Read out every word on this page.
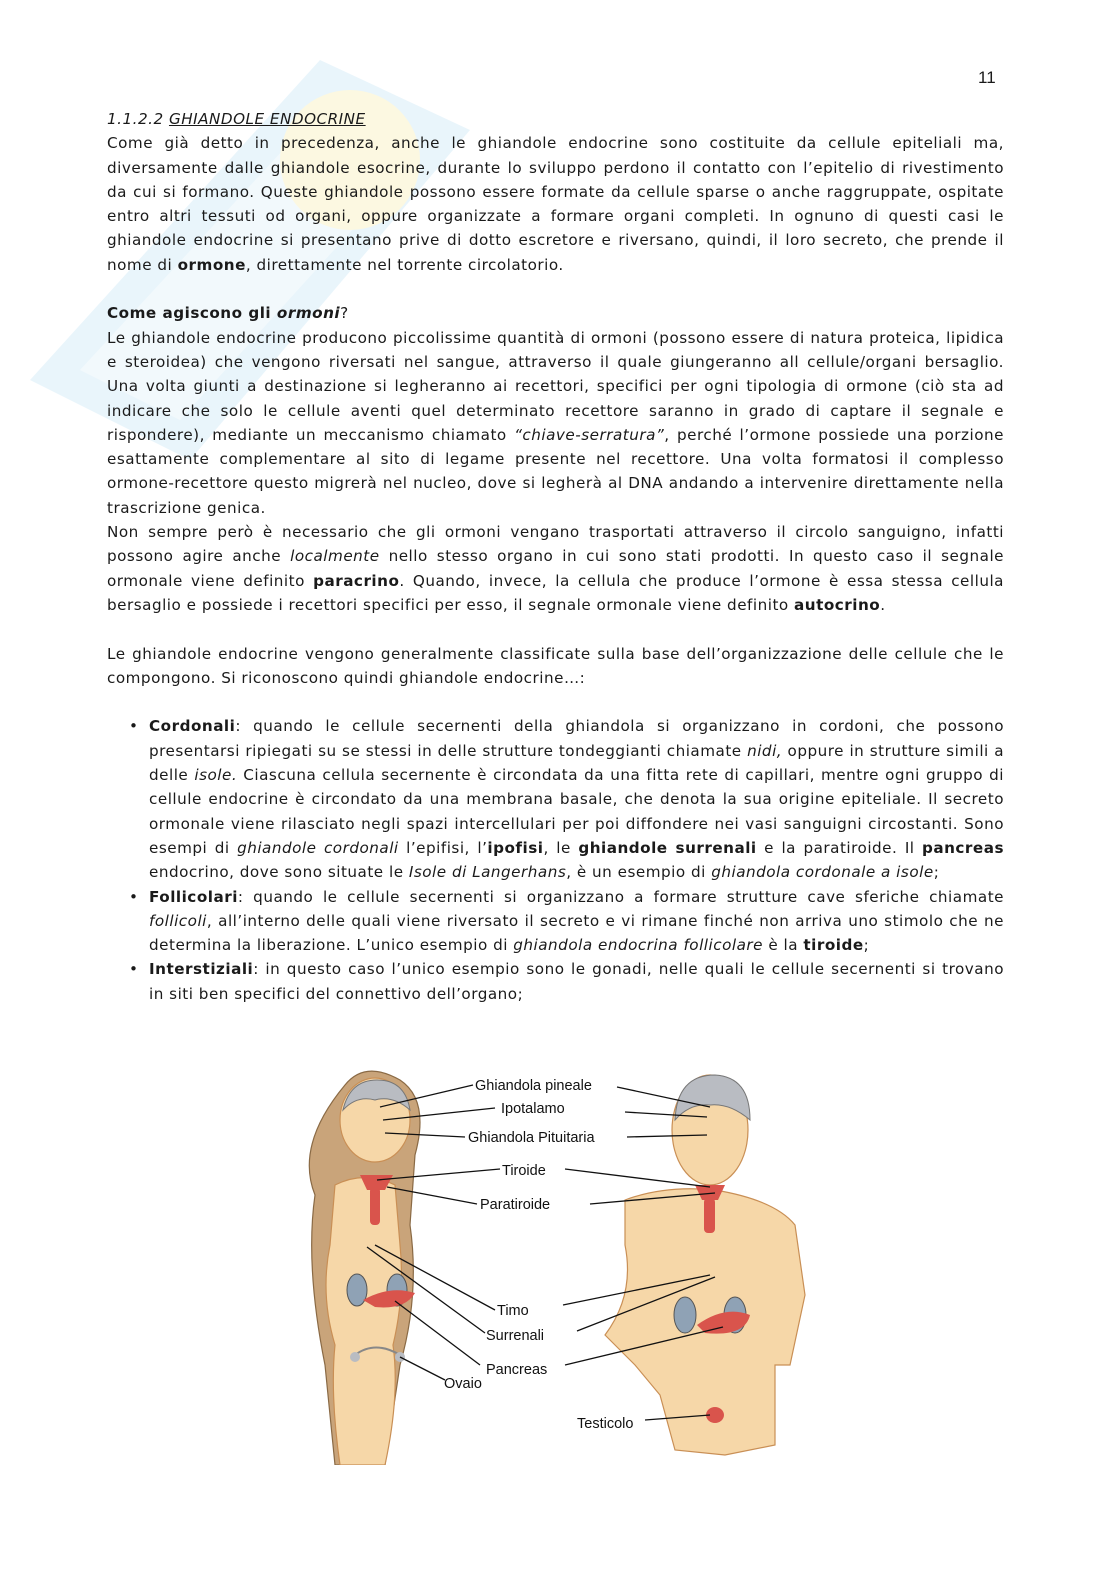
11

1.1.2.2 GHIANDOLE ENDOCRINE

Come già detto in precedenza, anche le ghiandole endocrine sono costituite da cellule epiteliali ma, diversamente dalle ghiandole esocrine, durante lo sviluppo perdono il contatto con l’epitelio di rivestimento da cui si formano. Queste ghiandole possono essere formate da cellule sparse o anche raggruppate, ospitate entro altri tessuti od organi, oppure organizzate a formare organi completi. In ognuno di questi casi le ghiandole endocrine si presentano prive di dotto escretore e riversano, quindi, il loro secreto, che prende il nome di ormone, direttamente nel torrente circolatorio.

Come agiscono gli ormoni?

Le ghiandole endocrine producono piccolissime quantità di ormoni (possono essere di natura proteica, lipidica e steroidea) che vengono riversati nel sangue, attraverso il quale giungeranno all cellule/organi bersaglio. Una volta giunti a destinazione si legheranno ai recettori, specifici per ogni tipologia di ormone (ciò sta ad indicare che solo le cellule aventi quel determinato recettore saranno in grado di captare il segnale e rispondere), mediante un meccanismo chiamato “chiave-serratura”, perché l’ormone possiede una porzione esattamente complementare al sito di legame presente nel recettore. Una volta formatosi il complesso ormone-recettore questo migrerà nel nucleo, dove si legherà al DNA andando a intervenire direttamente nella trascrizione genica.

Non sempre però è necessario che gli ormoni vengano trasportati attraverso il circolo sanguigno, infatti possono agire anche localmente nello stesso organo in cui sono stati prodotti. In questo caso il segnale ormonale viene definito paracrino. Quando, invece, la cellula che produce l’ormone è essa stessa cellula bersaglio e possiede i recettori specifici per esso, il segnale ormonale viene definito autocrino.

Le ghiandole endocrine vengono generalmente classificate sulla base dell’organizzazione delle cellule che le compongono. Si riconoscono quindi ghiandole endocrine…:

• Cordonali: quando le cellule secernenti della ghiandola si organizzano in cordoni, che possono presentarsi ripiegati su se stessi in delle strutture tondeggianti chiamate nidi, oppure in strutture simili a delle isole. Ciascuna cellula secernente è circondata da una fitta rete di capillari, mentre ogni gruppo di cellule endocrine è circondato da una membrana basale, che denota la sua origine epiteliale. Il secreto ormonale viene rilasciato negli spazi intercellulari per poi diffondere nei vasi sanguigni circostanti. Sono esempi di ghiandole cordonali l’epifisi, l’ipofisi, le ghiandole surrenali e la paratiroide. Il pancreas endocrino, dove sono situate le Isole di Langerhans, è un esempio di ghiandola cordonale a isole;
• Follicolari: quando le cellule secernenti si organizzano a formare strutture cave sferiche chiamate follicoli, all’interno delle quali viene riversato il secreto e vi rimane finché non arriva uno stimolo che ne determina la liberazione. L’unico esempio di ghiandola endocrina follicolare è la tiroide;
• Interstiziali: in questo caso l’unico esempio sono le gonadi, nelle quali le cellule secernenti si trovano in siti ben specifici del connettivo dell’organo;
Ghiandola pineale
Ipotalamo
Ghiandola Pituitaria
Tiroide
Paratiroide
Timo
Surrenali
Pancreas
Ovaio
Testicolo
